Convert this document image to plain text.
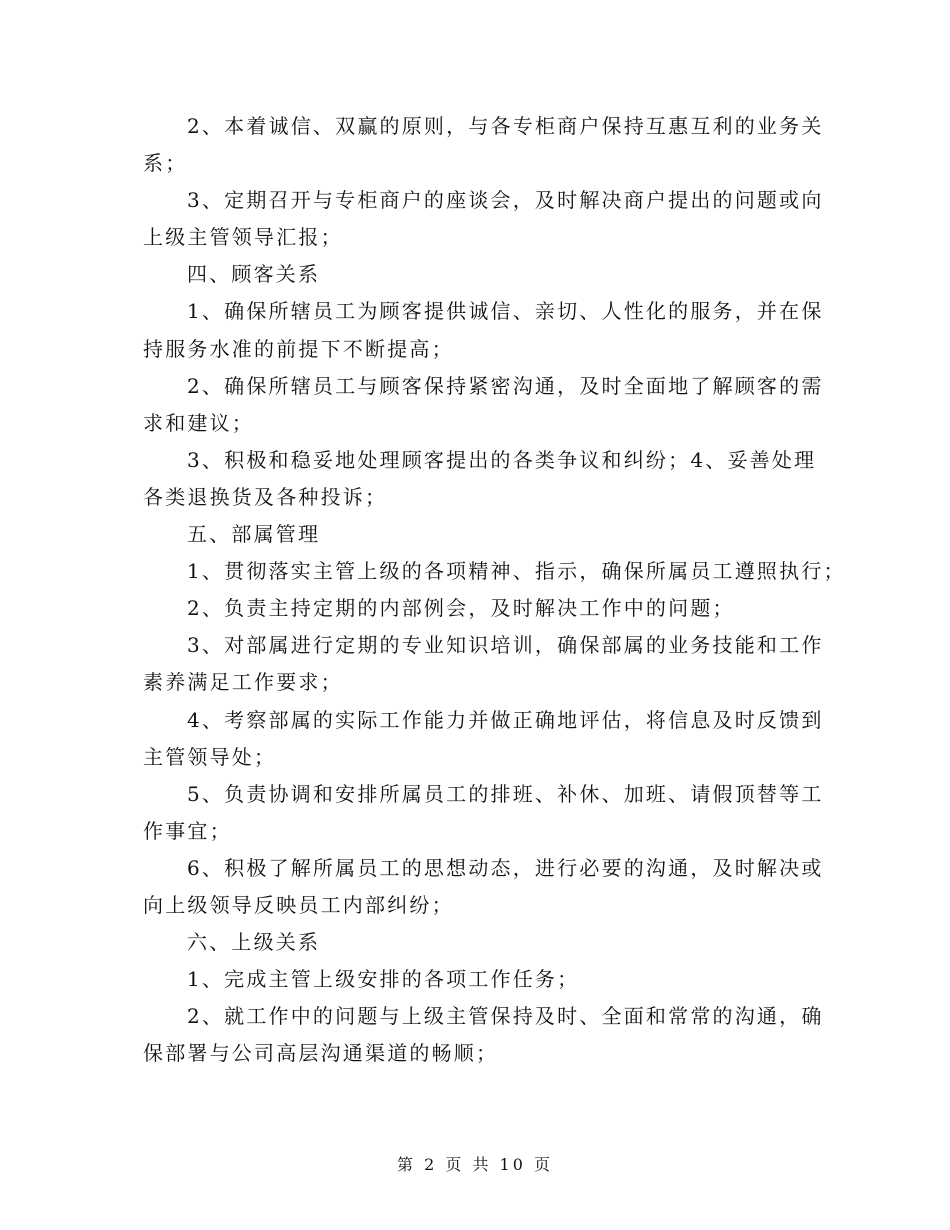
2、本着诚信、双赢的原则，与各专柜商户保持互惠互利的业务关
系；
3、定期召开与专柜商户的座谈会，及时解决商户提出的问题或向
上级主管领导汇报；
四、顾客关系
1、确保所辖员工为顾客提供诚信、亲切、人性化的服务，并在保
持服务水准的前提下不断提高；
2、确保所辖员工与顾客保持紧密沟通，及时全面地了解顾客的需
求和建议；
3、积极和稳妥地处理顾客提出的各类争议和纠纷；4、妥善处理
各类退换货及各种投诉；
五、部属管理
1、贯彻落实主管上级的各项精神、指示，确保所属员工遵照执行；
2、负责主持定期的内部例会，及时解决工作中的问题；
3、对部属进行定期的专业知识培训，确保部属的业务技能和工作
素养满足工作要求；
4、考察部属的实际工作能力并做正确地评估，将信息及时反馈到
主管领导处；
5、负责协调和安排所属员工的排班、补休、加班、请假顶替等工
作事宜；
6、积极了解所属员工的思想动态，进行必要的沟通，及时解决或
向上级领导反映员工内部纠纷；
六、上级关系
1、完成主管上级安排的各项工作任务；
2、就工作中的问题与上级主管保持及时、全面和常常的沟通，确
保部署与公司高层沟通渠道的畅顺；
第 2 页 共 10 页
